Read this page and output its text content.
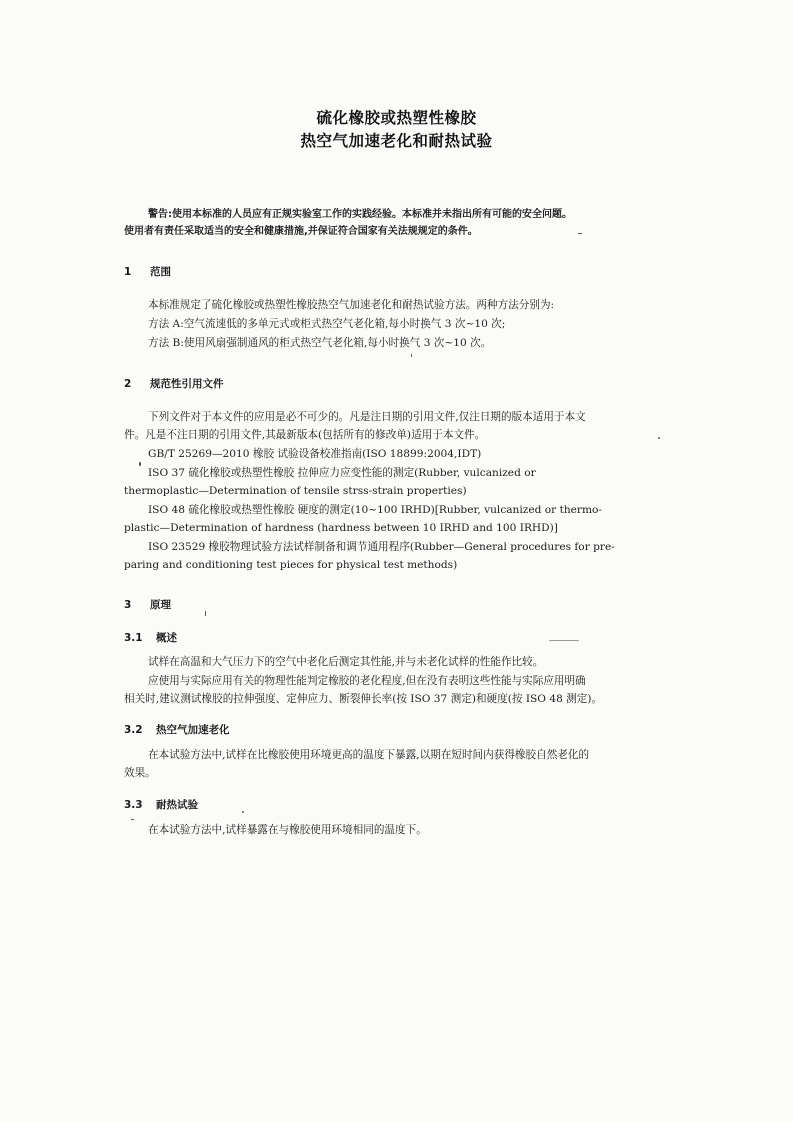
硫化橡胶或热塑性橡胶
热空气加速老化和耐热试验
警告:使用本标准的人员应有正规实验室工作的实践经验。本标准并未指出所有可能的安全问题。
使用者有责任采取适当的安全和健康措施,并保证符合国家有关法规规定的条件。
1 范围
本标准规定了硫化橡胶或热塑性橡胶热空气加速老化和耐热试验方法。两种方法分别为:
方法 A:空气流速低的多单元式或柜式热空气老化箱,每小时换气 3 次~10 次;
方法 B:使用风扇强制通风的柜式热空气老化箱,每小时换气 3 次~10 次。
2 规范性引用文件
下列文件对于本文件的应用是必不可少的。凡是注日期的引用文件,仅注日期的版本适用于本文
件。凡是不注日期的引用文件,其最新版本(包括所有的修改单)适用于本文件。
GB/T 25269—2010 橡胶 试验设备校准指南(ISO 18899:2004,IDT)
ISO 37 硫化橡胶或热塑性橡胶 拉伸应力应变性能的测定(Rubber, vulcanized or
thermoplastic—Determination of tensile strss-strain properties)
ISO 48 硫化橡胶或热塑性橡胶 硬度的测定(10~100 IRHD)[Rubber, vulcanized or thermo-
plastic—Determination of hardness (hardness between 10 IRHD and 100 IRHD)]
ISO 23529 橡胶物理试验方法试样制备和调节通用程序(Rubber—General procedures for pre-
paring and conditioning test pieces for physical test methods)
3 原理
3.1 概述
试样在高温和大气压力下的空气中老化后测定其性能,并与未老化试样的性能作比较。
应使用与实际应用有关的物理性能判定橡胶的老化程度,但在没有表明这些性能与实际应用明确
相关时,建议测试橡胶的拉伸强度、定伸应力、断裂伸长率(按 ISO 37 测定)和硬度(按 ISO 48 测定)。
3.2 热空气加速老化
在本试验方法中,试样在比橡胶使用环境更高的温度下暴露,以期在短时间内获得橡胶自然老化的
效果。
3.3 耐热试验
在本试验方法中,试样暴露在与橡胶使用环境相同的温度下。
